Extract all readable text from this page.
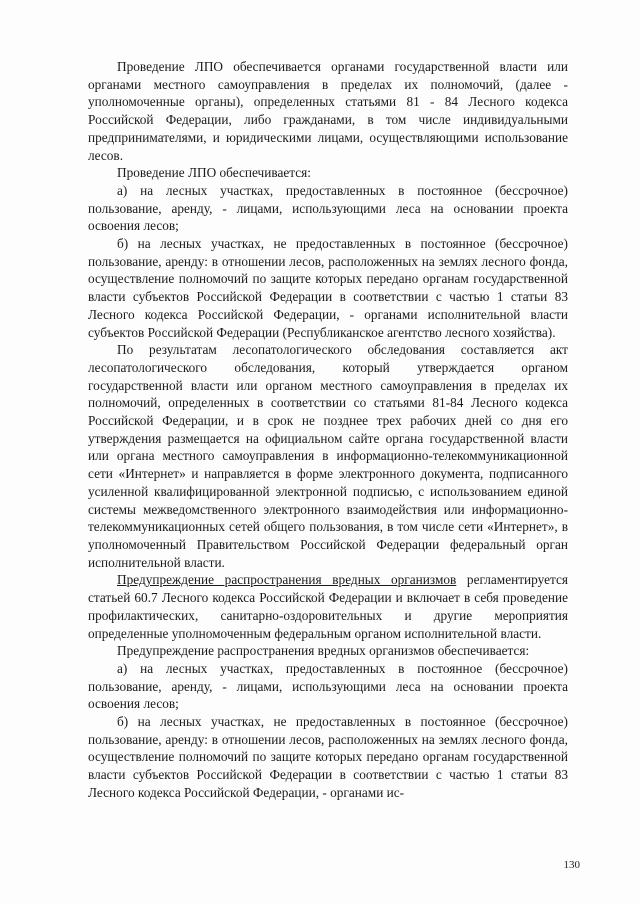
Проведение ЛПО обеспечивается органами государственной власти или органами местного самоуправления в пределах их полномочий, (далее - уполномоченные органы), определенных статьями 81 - 84 Лесного кодекса Российской Федерации, либо гражданами, в том числе индивидуальными предпринимателями, и юридическими лицами, осуществляющими использование лесов.

Проведение ЛПО обеспечивается:

а) на лесных участках, предоставленных в постоянное (бессрочное) пользование, аренду, - лицами, использующими леса на основании проекта освоения лесов;

б) на лесных участках, не предоставленных в постоянное (бессрочное) пользование, аренду: в отношении лесов, расположенных на землях лесного фонда, осуществление полномочий по защите которых передано органам государственной власти субъектов Российской Федерации в соответствии с частью 1 статьи 83 Лесного кодекса Российской Федерации, - органами исполнительной власти субъектов Российской Федерации (Республиканское агентство лесного хозяйства).

По результатам лесопатологического обследования составляется акт лесопатологического обследования, который утверждается органом государственной власти или органом местного самоуправления в пределах их полномочий, определенных в соответствии со статьями 81-84 Лесного кодекса Российской Федерации, и в срок не позднее трех рабочих дней со дня его утверждения размещается на официальном сайте органа государственной власти или органа местного самоуправления в информационно-телекоммуникационной сети «Интернет» и направляется в форме электронного документа, подписанного усиленной квалифицированной электронной подписью, с использованием единой системы межведомственного электронного взаимодействия или информационно-телекоммуникационных сетей общего пользования, в том числе сети «Интернет», в уполномоченный Правительством Российской Федерации федеральный орган исполнительной власти.

Предупреждение распространения вредных организмов регламентируется статьей 60.7 Лесного кодекса Российской Федерации и включает в себя проведение профилактических, санитарно-оздоровительных и другие мероприятия определенные уполномоченным федеральным органом исполнительной власти.

Предупреждение распространения вредных организмов обеспечивается:

а) на лесных участках, предоставленных в постоянное (бессрочное) пользование, аренду, - лицами, использующими леса на основании проекта освоения лесов;

б) на лесных участках, не предоставленных в постоянное (бессрочное) пользование, аренду: в отношении лесов, расположенных на землях лесного фонда, осуществление полномочий по защите которых передано органам государственной власти субъектов Российской Федерации в соответствии с частью 1 статьи 83 Лесного кодекса Российской Федерации, - органами ис-

130
